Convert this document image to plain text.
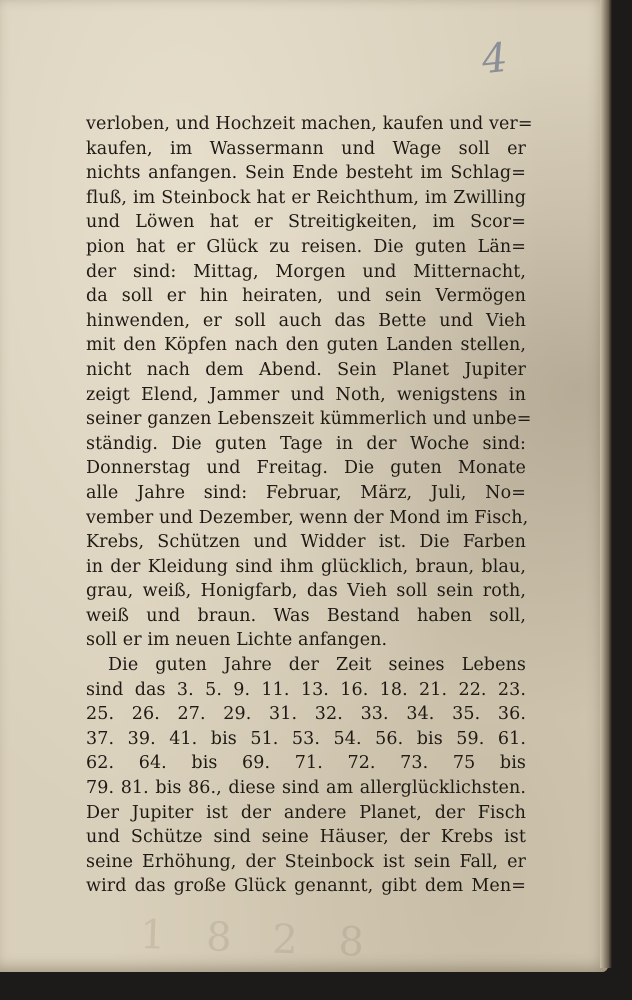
4
verloben, und Hochzeit machen, kaufen und ver=
kaufen, im Wassermann und Wage soll er
nichts anfangen. Sein Ende besteht im Schlag=
fluß, im Steinbock hat er Reichthum, im Zwilling
und Löwen hat er Streitigkeiten, im Scor=
pion hat er Glück zu reisen. Die guten Län=
der sind: Mittag, Morgen und Mitternacht,
da soll er hin heiraten, und sein Vermögen
hinwenden, er soll auch das Bette und Vieh
mit den Köpfen nach den guten Landen stellen,
nicht nach dem Abend. Sein Planet Jupiter
zeigt Elend, Jammer und Noth, wenigstens in
seiner ganzen Lebenszeit kümmerlich und unbe=
ständig. Die guten Tage in der Woche sind:
Donnerstag und Freitag. Die guten Monate
alle Jahre sind: Februar, März, Juli, No=
vember und Dezember, wenn der Mond im Fisch,
Krebs, Schützen und Widder ist. Die Farben
in der Kleidung sind ihm glücklich, braun, blau,
grau, weiß, Honigfarb, das Vieh soll sein roth,
weiß und braun. Was Bestand haben soll,
soll er im neuen Lichte anfangen.
Die guten Jahre der Zeit seines Lebens
sind das 3. 5. 9. 11. 13. 16. 18. 21. 22. 23.
25. 26. 27. 29. 31. 32. 33. 34. 35. 36.
37. 39. 41. bis 51. 53. 54. 56. bis 59. 61.
62. 64. bis 69. 71. 72. 73. 75 bis
79. 81. bis 86., diese sind am allerglücklichsten.
Der Jupiter ist der andere Planet, der Fisch
und Schütze sind seine Häuser, der Krebs ist
seine Erhöhung, der Steinbock ist sein Fall, er
wird das große Glück genannt, gibt dem Men=
1 8 2 8
